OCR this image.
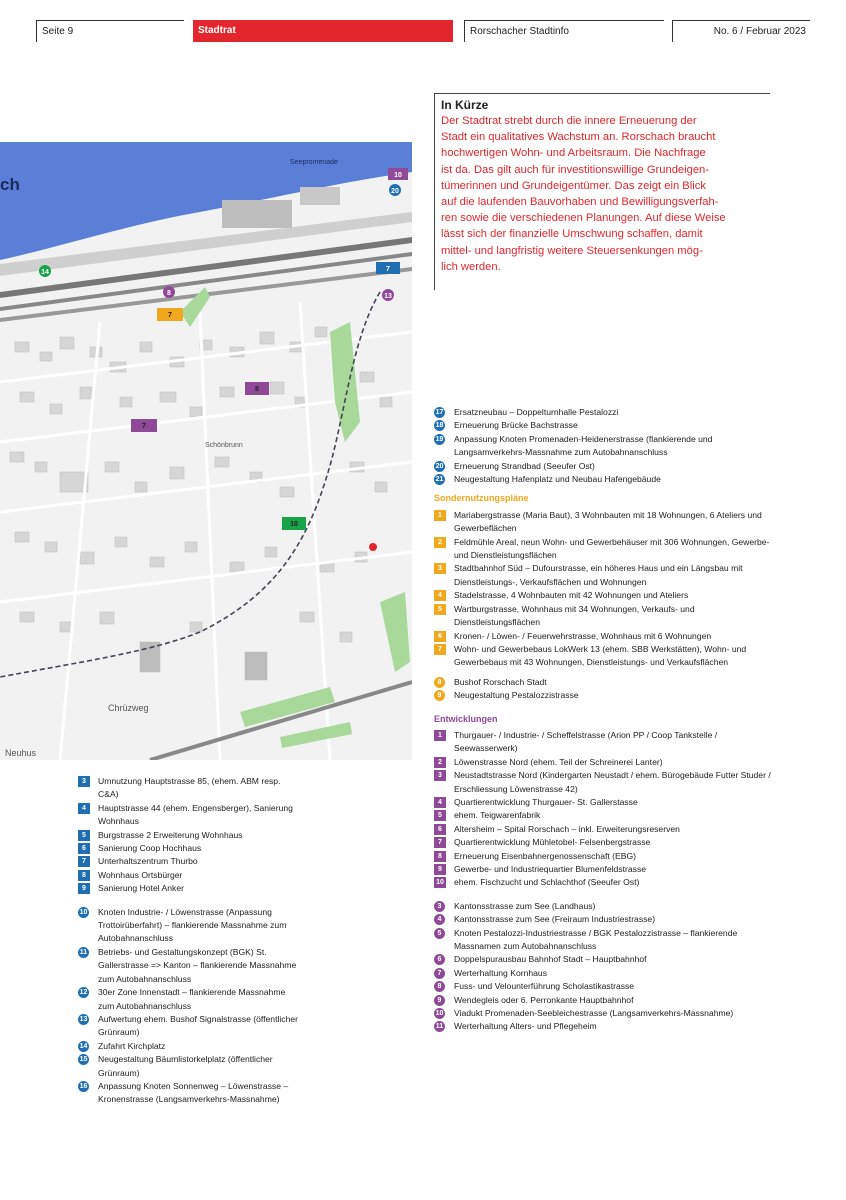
Seite 9	Stadtrat	Rorschacher Stadtinfo	No. 6 / Februar 2023
ch
Seepromenade
Schönbrunn
Chrüzweg
Neuhus
10
20
14	7
8	13
7
8
7
10
In Kürze

Der Stadtrat strebt durch die innere Erneuerung der
Stadt ein qualitatives Wachstum an. Rorschach braucht
hochwertigen Wohn- und Arbeitsraum. Die Nachfrage
ist da. Das gilt auch für investitionswillige Grundeigen-
tümerinnen und Grundeigentümer. Das zeigt ein Blick
auf die laufenden Bauvorhaben und Bewilligungsverfah-
ren sowie die verschiedenen Planungen. Auf diese Weise
lässt sich der finanzielle Umschwung schaffen, damit
mittel- und langfristig weitere Steuersenkungen mög-
lich werden.

3	Umnutzung Hauptstrasse 85, (ehem. ABM resp. C&A)
4	Hauptstrasse 44 (ehem. Engensberger), Sanierung Wohnhaus
5	Burgstrasse 2 Erweiterung Wohnhaus
6	Sanierung Coop Hochhaus
7	Unterhaltszentrum Thurbo
8	Wohnhaus Ortsbürger
9	Sanierung Hotel Anker
10 Knoten Industrie- / Löwenstrasse (Anpassung Trottoirüberfahrt) – flankierende Massnahme zum Autobahnanschluss
11 Betriebs- und Gestaltungskonzept (BGK) St. Gallerstrasse => Kanton – flankierende Massnahme zum Autobahnanschluss
12 30er Zone Innenstadt – flankierende Massnahme zum Autobahnanschluss
13 Aufwertung ehem. Bushof Signalstrasse (öffentlicher Grünraum)
14 Zufahrt Kirchplatz
15 Neugestaltung Bäumlistorkelplatz (öffentlicher Grünraum)
16 Anpassung Knoten Sonnenweg – Löwenstrasse – Kronenstrasse (Langsamverkehrs-Massnahme)
17 Ersatzneubau – Doppelturnhalle Pestalozzi
18 Erneuerung Brücke Bachstrasse
19 Anpassung Knoten Promenaden-Heidenerstrasse (flankierende und Langsamverkehrs-Massnahme zum Autobahnanschluss
20 Erneuerung Strandbad (Seeufer Ost)
21 Neugestaltung Hafenplatz und Neubau Hafengebäude
Sondernutzungspläne
1	Mariabergstrasse (Maria Baut), 3 Wohnbauten mit 18 Wohnungen, 6 Ateliers und Gewerbeflächen
2	Feldmühle Areal, neun Wohn- und Gewerbehäuser mit 306 Wohnungen, Gewerbe- und Dienstleistungsflächen
3	Stadtbahnhof Süd – Dufourstrasse, ein höheres Haus und ein Längsbau mit Dienstleistungs-, Verkaufsflächen und Wohnungen
4	Stadelstrasse, 4 Wohnbauten mit 42 Wohnungen und Ateliers
5	Wartburgstrasse, Wohnhaus mit 34 Wohnungen, Verkaufs- und Dienstleistungsflächen
6	Kronen- / Löwen- / Feuerwehrstrasse, Wohnhaus mit 6 Wohnungen
7	Wohn- und Gewerbebaus LokWerk 13 (ehem. SBB Werkstätten), Wohn- und Gewerbebaus mit 43 Wohnungen, Dienstleistungs- und Verkaufsflächen
8	Bushof Rorschach Stadt
9	Neugestaltung Pestalozzistrasse
Entwicklungen
1	Thurgauer- / Industrie- / Scheffelstrasse (Arion PP / Coop Tankstelle / Seewasserwerk)
2	Löwenstrasse Nord (ehem. Teil der Schreinerei Lanter)
3	Neustadtstrasse Nord (Kindergarten Neustadt / ehem. Bürogebäude Futter Studer / Erschliessung Löwenstrasse 42)
4	Quartierentwicklung Thurgauer- St. Gallerstasse
5	ehem. Teigwarenfabrik
6	Altersheim – Spital Rorschach – inkl. Erweiterungsreserven
7	Quartierentwicklung Mühletobel- Felsenbergstrasse
8	Erneuerung Eisenbahnergenossenschaft (EBG)
9	Gewerbe- und Industriequartier Blumenfeldstrasse
10 ehem. Fischzucht und Schlachthof (Seeufer Ost)
3	Kantonsstrasse zum See (Landhaus)
4	Kantonsstrasse zum See (Freiraum Industriestrasse)
5	Knoten Pestalozzi-Industriestrasse / BGK Pestalozzistrasse – flankierende Massnamen zum Autobahnanschluss
6	Doppelspurausbau Bahnhof Stadt – Hauptbahnhof
7	Werterhaltung Kornhaus
8	Fuss- und Velounterführung Scholastikastrasse
9	Wendegleis oder 6. Perronkante Hauptbahnhof
10 Viadukt Promenaden-Seebleichestrasse (Langsamverkehrs-Massnahme)
11 Werterhaltung Alters- und Pflegeheim
